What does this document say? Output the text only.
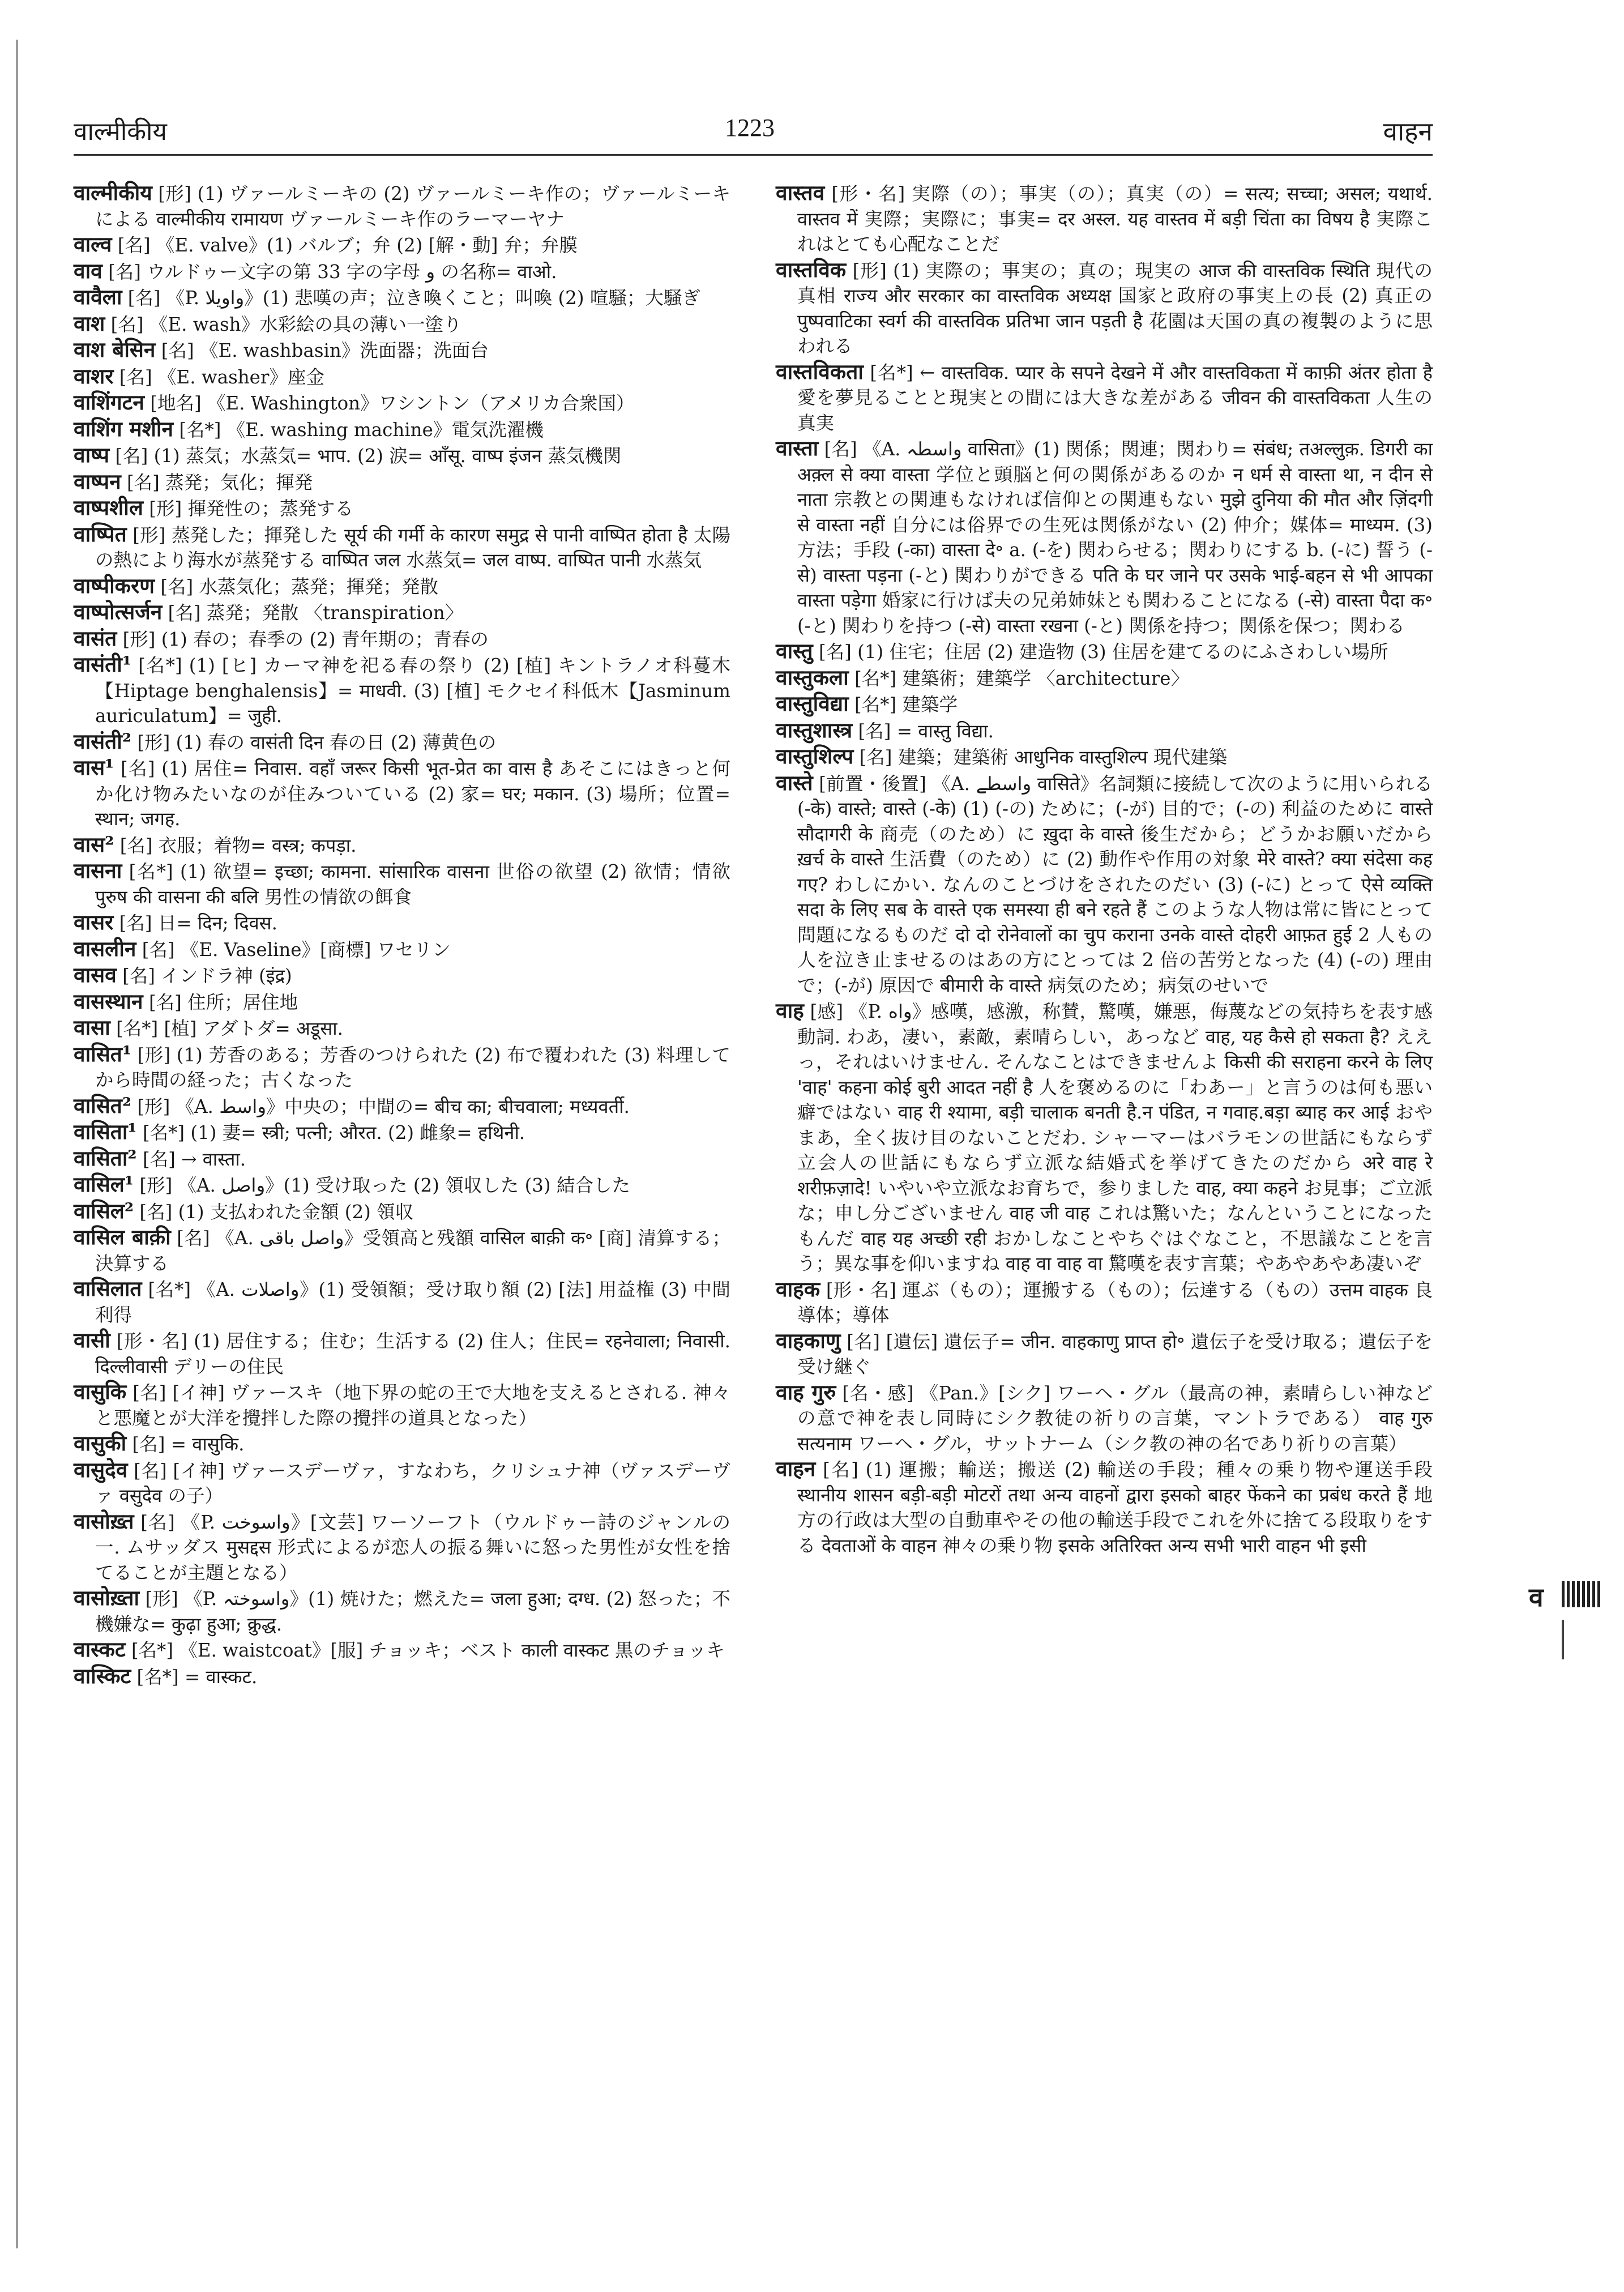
वाल्मीकीय	1223	वाहन

वाल्मीकीय [形] (1) ヴァールミーキの (2) ヴァールミーキ作の；ヴァールミーキによる वाल्मीकीय रामायण ヴァールミーキ作のラーマーヤナ

वाल्व [名] 《E. valve》(1) バルブ；弁 (2) [解・動] 弁；弁膜

वाव [名] ウルドゥー文字の第 33 字の字母 و の名称= वाओ.

वावैला [名] 《P. واویلا》(1) 悲嘆の声；泣き喚くこと；叫喚 (2) 喧騒；大騒ぎ

वाश [名] 《E. wash》水彩絵の具の薄い一塗り

वाश बेसिन [名] 《E. washbasin》洗面器；洗面台

वाशर [名] 《E. washer》座金

वाशिंगटन [地名] 《E. Washington》ワシントン（アメリカ合衆国）

वाशिंग मशीन [名*] 《E. washing machine》電気洗濯機

वाष्प [名] (1) 蒸気；水蒸気= भाप. (2) 涙= आँसू. वाष्प इंजन 蒸気機関

वाष्पन [名] 蒸発；気化；揮発

वाष्पशील [形] 揮発性の；蒸発する

वाष्पित [形] 蒸発した；揮発した सूर्य की गर्मी के कारण समुद्र से पानी वाष्पित होता है 太陽の熱により海水が蒸発する वाष्पित जल 水蒸気= जल वाष्प. वाष्पित पानी 水蒸気

वाष्पीकरण [名] 水蒸気化；蒸発；揮発；発散

वाष्पोत्सर्जन [名] 蒸発；発散 〈transpiration〉

वासंत [形] (1) 春の；春季の (2) 青年期の；青春の

वासंती¹ [名*] (1) [ヒ] カーマ神を祀る春の祭り (2) [植] キントラノオ科蔓木【Hiptage benghalensis】= माधवी. (3) [植] モクセイ科低木【Jasminum auriculatum】= जुही.

वासंती² [形] (1) 春の वासंती दिन 春の日 (2) 薄黄色の

वास¹ [名] (1) 居住= निवास. वहाँ जरूर किसी भूत-प्रेत का वास है あそこにはきっと何か化け物みたいなのが住みついている (2) 家= घर; मकान. (3) 場所；位置= स्थान; जगह.

वास² [名] 衣服；着物= वस्त्र; कपड़ा.

वासना [名*] (1) 欲望= इच्छा; कामना. सांसारिक वासना 世俗の欲望 (2) 欲情；情欲 पुरुष की वासना की बलि 男性の情欲の餌食

वासर [名] 日= दिन; दिवस.

वासलीन [名] 《E. Vaseline》[商標] ワセリン

वासव [名] インドラ神 (इंद्र)

वासस्थान [名] 住所；居住地

वासा [名*] [植] アダトダ= अडूसा.

वासित¹ [形] (1) 芳香のある；芳香のつけられた (2) 布で覆われた (3) 料理してから時間の経った；古くなった

वासित² [形] 《A. واسط》中央の；中間の= बीच का; बीचवाला; मध्यवर्ती.

वासिता¹ [名*] (1) 妻= स्त्री; पत्नी; औरत. (2) 雌象= हथिनी.

वासिता² [名] → वास्ता.

वासिल¹ [形] 《A. واصل》(1) 受け取った (2) 領収した (3) 結合した

वासिल² [名] (1) 支払われた金額 (2) 領収

वासिल बाक़ी [名] 《A. واصل باقی》受領高と残額 वासिल बाक़ी क॰ [商] 清算する；決算する

वासिलात [名*] 《A. واصلات》(1) 受領額；受け取り額 (2) [法] 用益権 (3) 中間利得

वासी [形・名] (1) 居住する；住む；生活する (2) 住人；住民= रहनेवाला; निवासी. दिल्लीवासी デリーの住民

वासुकि [名] [イ神] ヴァースキ（地下界の蛇の王で大地を支えるとされる. 神々と悪魔とが大洋を攪拌した際の攪拌の道具となった）

वासुकी [名] = वासुकि.

वासुदेव [名] [イ神] ヴァースデーヴァ，すなわち，クリシュナ神（ヴァスデーヴァ वसुदेव の子）

वासोख़्त [名] 《P. واسوخت》[文芸] ワーソーフト（ウルドゥー詩のジャンルの一. ムサッダス मुसद्दस 形式によるが恋人の振る舞いに怒った男性が女性を捨てることが主題となる）

वासोख़्ता [形] 《P. واسوختہ》(1) 焼けた；燃えた= जला हुआ; दग्ध. (2) 怒った；不機嫌な= कुढ़ा हुआ; क्रुद्ध.

वास्कट [名*] 《E. waistcoat》[服] チョッキ；ベスト काली वास्कट 黒のチョッキ

वास्किट [名*] = वास्कट.

वास्तव [形・名] 実際（の）；事実（の）；真実（の）= सत्य; सच्चा; असल; यथार्थ. वास्तव में 実際；実際に；事実= दर अस्ल. यह वास्तव में बड़ी चिंता का विषय है 実際これはとても心配なことだ

वास्तविक [形] (1) 実際の；事実の；真の；現実の आज की वास्तविक स्थिति 現代の真相 राज्य और सरकार का वास्तविक अध्यक्ष 国家と政府の事実上の長 (2) 真正の पुष्पवाटिका स्वर्ग की वास्तविक प्रतिभा जान पड़ती है 花園は天国の真の複製のように思われる

वास्तविकता [名*] ← वास्तविक. प्यार के सपने देखने में और वास्तविकता में काफ़ी अंतर होता है 愛を夢見ることと現実との間には大きな差がある जीवन की वास्तविकता 人生の真実

वास्ता [名] 《A. واسطہ वासिता》(1) 関係；関連；関わり= संबंध; तअल्लुक़. डिगरी का अक़्ल से क्या वास्ता 学位と頭脳と何の関係があるのか न धर्म से वास्ता था, न दीन से नाता 宗教との関連もなければ信仰との関連もない मुझे दुनिया की मौत और ज़िंदगी से वास्ता नहीं 自分には俗界での生死は関係がない (2) 仲介；媒体= माध्यम. (3) 方法；手段 (-का) वास्ता दे॰ a. (-を) 関わらせる；関わりにする b. (-に) 誓う (-से) वास्ता पड़ना (-と) 関わりができる पति के घर जाने पर उसके भाई-बहन से भी आपका वास्ता पड़ेगा 婚家に行けば夫の兄弟姉妹とも関わることになる (-से) वास्ता पैदा क॰ (-と) 関わりを持つ (-से) वास्ता रखना (-と) 関係を持つ；関係を保つ；関わる

वास्तु [名] (1) 住宅；住居 (2) 建造物 (3) 住居を建てるのにふさわしい場所

वास्तुकला [名*] 建築術；建築学 〈architecture〉

वास्तुविद्या [名*] 建築学

वास्तुशास्त्र [名] = वास्तु विद्या.

वास्तुशिल्प [名] 建築；建築術 आधुनिक वास्तुशिल्प 現代建築

वास्ते [前置・後置] 《A. واسطے वासिते》名詞類に接続して次のように用いられる (-के) वास्ते; वास्ते (-के) (1) (-の) ために；(-が) 目的で；(-の) 利益のために वास्ते सौदागरी के 商売（のため）に ख़ुदा के वास्ते 後生だから；どうかお願いだから ख़र्च के वास्ते 生活費（のため）に (2) 動作や作用の対象 मेरे वास्ते? क्या संदेसा कह गए? わしにかい. なんのことづけをされたのだい (3) (-に) とって ऐसे व्यक्ति सदा के लिए सब के वास्ते एक समस्या ही बने रहते हैं このような人物は常に皆にとって問題になるものだ दो दो रोनेवालों का चुप कराना उनके वास्ते दोहरी आफ़त हुई 2 人もの人を泣き止ませるのはあの方にとっては 2 倍の苦労となった (4) (-の) 理由で；(-が) 原因で बीमारी के वास्ते 病気のため；病気のせいで

वाह [感] 《P. واه》感嘆，感激，称賛，驚嘆，嫌悪，侮蔑などの気持ちを表す感動詞. わあ，凄い，素敵，素晴らしい，あっなど वाह, यह कैसे हो सकता है? ええっ，それはいけません. そんなことはできませんよ किसी की सराहना करने के लिए 'वाह' कहना कोई बुरी आदत नहीं है 人を褒めるのに「わあー」と言うのは何も悪い癖ではない वाह री श्यामा, बड़ी चालाक बनती है.न पंडित, न गवाह.बड़ा ब्याह कर आई おやまあ，全く抜け目のないことだわ. シャーマーはバラモンの世話にもならず立会人の世話にもならず立派な結婚式を挙げてきたのだから अरे वाह रे शरीफ़ज़ादे! いやいや立派なお育ちで，参りました वाह, क्या कहने お見事；ご立派な；申し分ございません वाह जी वाह これは驚いた；なんということになったもんだ वाह यह अच्छी रही おかしなことやちぐはぐなこと，不思議なことを言う；異な事を仰いますね वाह वा वाह वा 驚嘆を表す言葉；やあやあやあ凄いぞ

वाहक [形・名] 運ぶ（もの）；運搬する（もの）；伝達する（もの）उत्तम वाहक 良導体；導体

वाहकाणु [名] [遺伝] 遺伝子= जीन. वाहकाणु प्राप्त हो॰ 遺伝子を受け取る；遺伝子を受け継ぐ

वाह गुरु [名・感] 《Pan.》[シク] ワーヘ・グル（最高の神，素晴らしい神などの意で神を表し同時にシク教徒の祈りの言葉，マントラである） वाह गुरु सत्यनाम ワーヘ・グル，サットナーム（シク教の神の名であり祈りの言葉）

वाहन [名] (1) 運搬；輸送；搬送 (2) 輸送の手段；種々の乗り物や運送手段 स्थानीय शासन बड़ी-बड़ी मोटरों तथा अन्य वाहनों द्वारा इसको बाहर फेंकने का प्रबंध करते हैं 地方の行政は大型の自動車やその他の輸送手段でこれを外に捨てる段取りをする देवताओं के वाहन 神々の乗り物 इसके अतिरिक्त अन्य सभी भारी वाहन भी इसी

व
